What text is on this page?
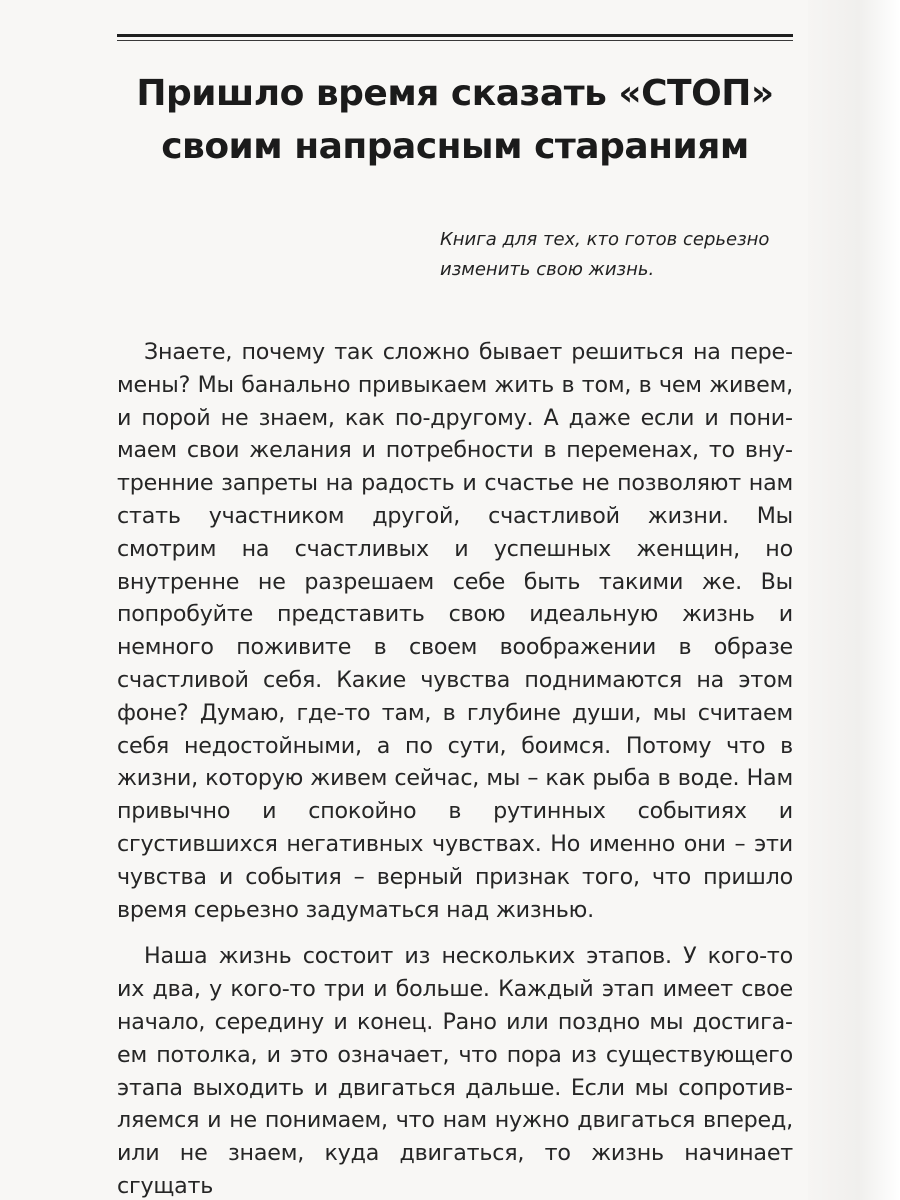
Пришло время сказать «СТОП»
своим напрасным стараниям

Книга для тех, кто готов серьезно
изменить свою жизнь.

Знаете, почему так сложно бывает решиться на перемены? Мы банально привыкаем жить в том, в чем живем, и порой не знаем, как по-другому. А даже если и понимаем свои желания и потребности в переменах, то внутренние запреты на радость и счастье не позволяют нам стать участником другой, счастливой жизни. Мы смотрим на счастливых и успешных женщин, но внутренне не разрешаем себе быть такими же. Вы попробуйте представить свою идеальную жизнь и немного поживите в своем воображении в образе счастливой себя. Какие чувства поднимаются на этом фоне? Думаю, где-то там, в глубине души, мы считаем себя недостойными, а по сути, боимся. Потому что в жизни, которую живем сейчас, мы – как рыба в воде. Нам привычно и спокойно в рутинных событиях и сгустившихся негативных чувствах. Но именно они – эти чувства и события – верный признак того, что пришло время серьезно задуматься над жизнью.

Наша жизнь состоит из нескольких этапов. У кого-то их два, у кого-то три и больше. Каждый этап имеет свое начало, середину и конец. Рано или поздно мы достигаем потолка, и это означает, что пора из существующего этапа выходить и двигаться дальше. Если мы сопротивляемся и не понимаем, что нам нужно двигаться вперед, или не знаем, куда двигаться, то жизнь начинает сгущать
